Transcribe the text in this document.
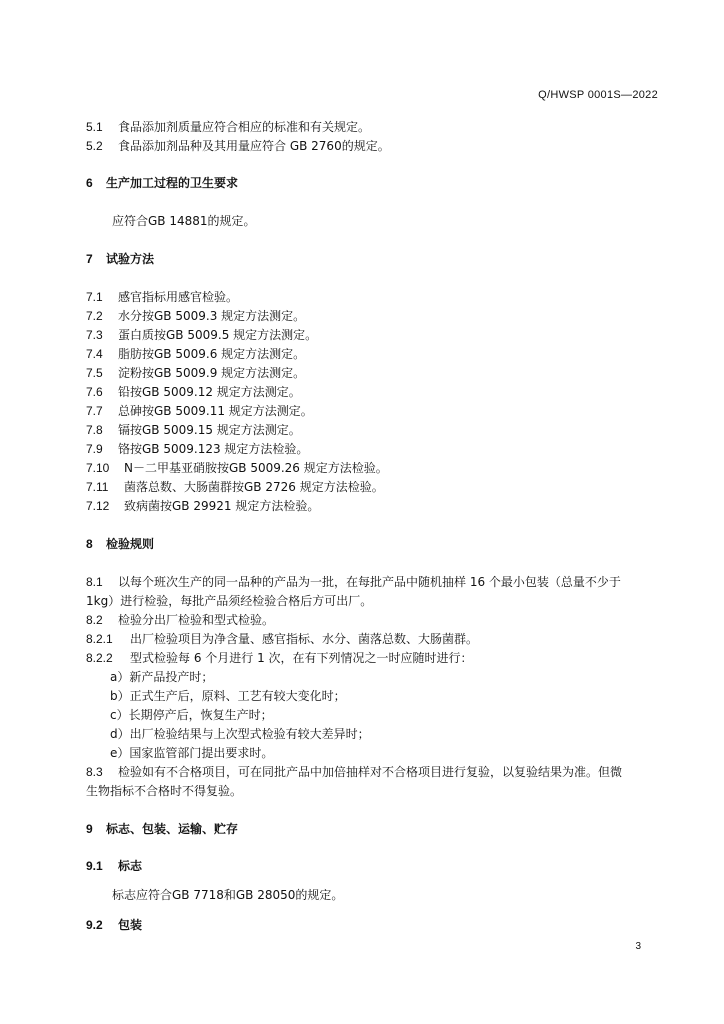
Q/HWSP 0001S—2022
5.1 食品添加剂质量应符合相应的标准和有关规定。
5.2 食品添加剂品种及其用量应符合 GB 2760的规定。
6 生产加工过程的卫生要求
应符合GB 14881的规定。
7 试验方法
7.1 感官指标用感官检验。
7.2 水分按GB 5009.3 规定方法测定。
7.3 蛋白质按GB 5009.5 规定方法测定。
7.4 脂肪按GB 5009.6 规定方法测定。
7.5 淀粉按GB 5009.9 规定方法测定。
7.6 铅按GB 5009.12 规定方法测定。
7.7 总砷按GB 5009.11 规定方法测定。
7.8 镉按GB 5009.15 规定方法测定。
7.9 铬按GB 5009.123 规定方法检验。
7.10 N－二甲基亚硝胺按GB 5009.26 规定方法检验。
7.11 菌落总数、大肠菌群按GB 2726 规定方法检验。
7.12 致病菌按GB 29921 规定方法检验。
8 检验规则
8.1 以每个班次生产的同一品种的产品为一批，在每批产品中随机抽样 16 个最小包装（总量不少于
1kg）进行检验，每批产品须经检验合格后方可出厂。
8.2 检验分出厂检验和型式检验。
8.2.1 出厂检验项目为净含量、感官指标、水分、菌落总数、大肠菌群。
8.2.2 型式检验每 6 个月进行 1 次，在有下列情况之一时应随时进行：
a）新产品投产时；
b）正式生产后，原料、工艺有较大变化时；
c）长期停产后，恢复生产时；
d）出厂检验结果与上次型式检验有较大差异时；
e）国家监管部门提出要求时。
8.3 检验如有不合格项目，可在同批产品中加倍抽样对不合格项目进行复验，以复验结果为准。但微
生物指标不合格时不得复验。
9 标志、包装、运输、贮存
9.1 标志
标志应符合GB 7718和GB 28050的规定。
9.2 包装
3
